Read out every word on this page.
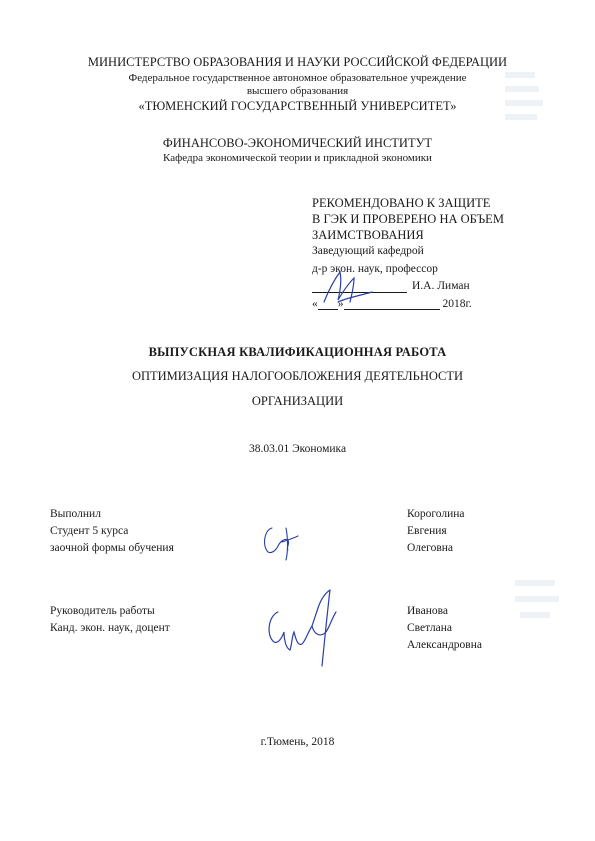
МИНИСТЕРСТВО ОБРАЗОВАНИЯ И НАУКИ РОССИЙСКОЙ ФЕДЕРАЦИИ
Федеральное государственное автономное образовательное учреждение
высшего образования
«ТЮМЕНСКИЙ ГОСУДАРСТВЕННЫЙ УНИВЕРСИТЕТ»
ФИНАНСОВО-ЭКОНОМИЧЕСКИЙ ИНСТИТУТ
Кафедра экономической теории и прикладной экономики
РЕКОМЕНДОВАНО К ЗАЩИТЕ
В ГЭК И ПРОВЕРЕНО НА ОБЪЕМ
ЗАИМСТВОВАНИЯ
Заведующий кафедрой
д-р экон. наук, профессор
И.А. Лиман
« »	2018г.
ВЫПУСКНАЯ КВАЛИФИКАЦИОННАЯ РАБОТА
ОПТИМИЗАЦИЯ НАЛОГООБЛОЖЕНИЯ ДЕЯТЕЛЬНОСТИ
ОРГАНИЗАЦИИ
38.03.01 Экономика
Выполнил
Студент 5 курса
заочной формы обучения
Короголина
Евгения
Олеговна
Руководитель работы
Канд. экон. наук, доцент
Иванова
Светлана
Александровна
г.Тюмень, 2018
